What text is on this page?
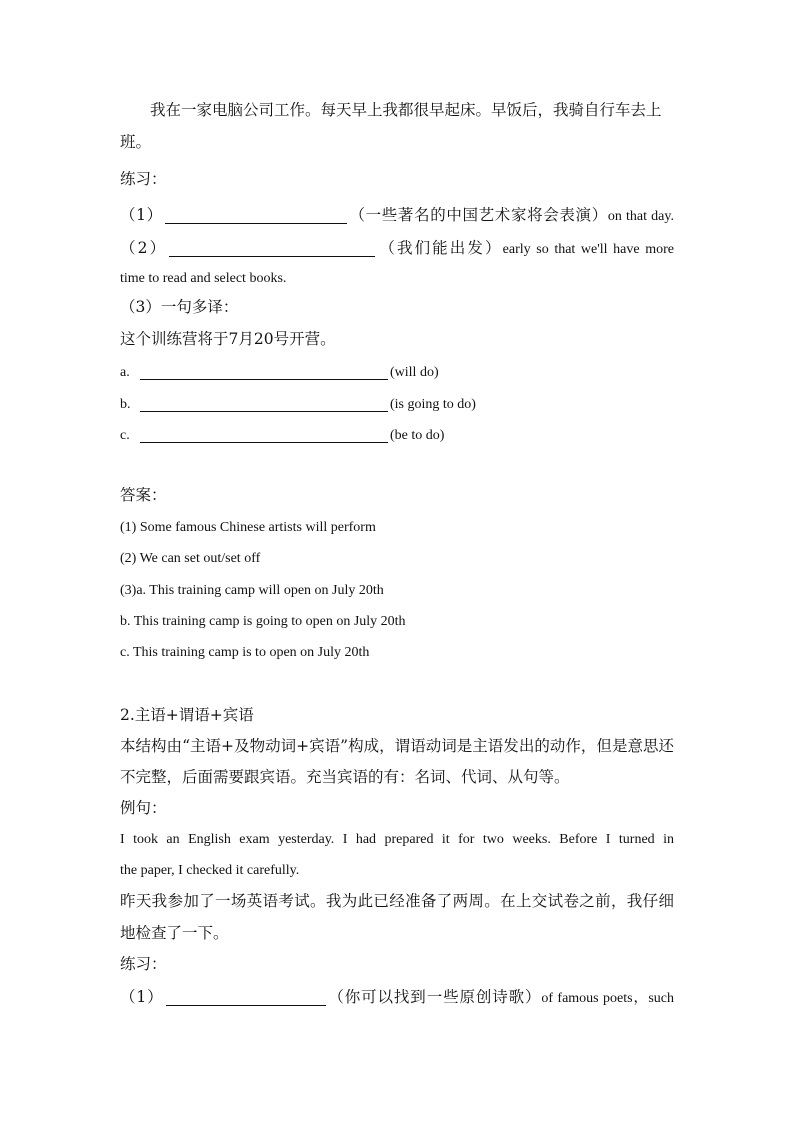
我在一家电脑公司工作。每天早上我都很早起床。早饭后，我骑自行车去上
班。
练习：
（1）	（一些著名的中国艺术家将会表演）on that day.
（2）	（我们能出发）early so that we'll have more
time to read and select books.
（3）一句多译：
这个训练营将于7月20号开营。
a.	(will do)
b.	(is going to do)
c.	(be to do)
答案：
(1) Some famous Chinese artists will perform
(2) We can set out/set off
(3)a. This training camp will open on July 20th
b. This training camp is going to open on July 20th
c. This training camp is to open on July 20th
2.主语+谓语+宾语
本结构由“主语+及物动词+宾语”构成，谓语动词是主语发出的动作，但是意思还
不完整，后面需要跟宾语。充当宾语的有：名词、代词、从句等。
例句：
I took an English exam yesterday. I had prepared it for two weeks. Before I turned in
the paper, I checked it carefully.
昨天我参加了一场英语考试。我为此已经准备了两周。在上交试卷之前，我仔细
地检查了一下。
练习：
（1）	（你可以找到一些原创诗歌）of famous poets，such
